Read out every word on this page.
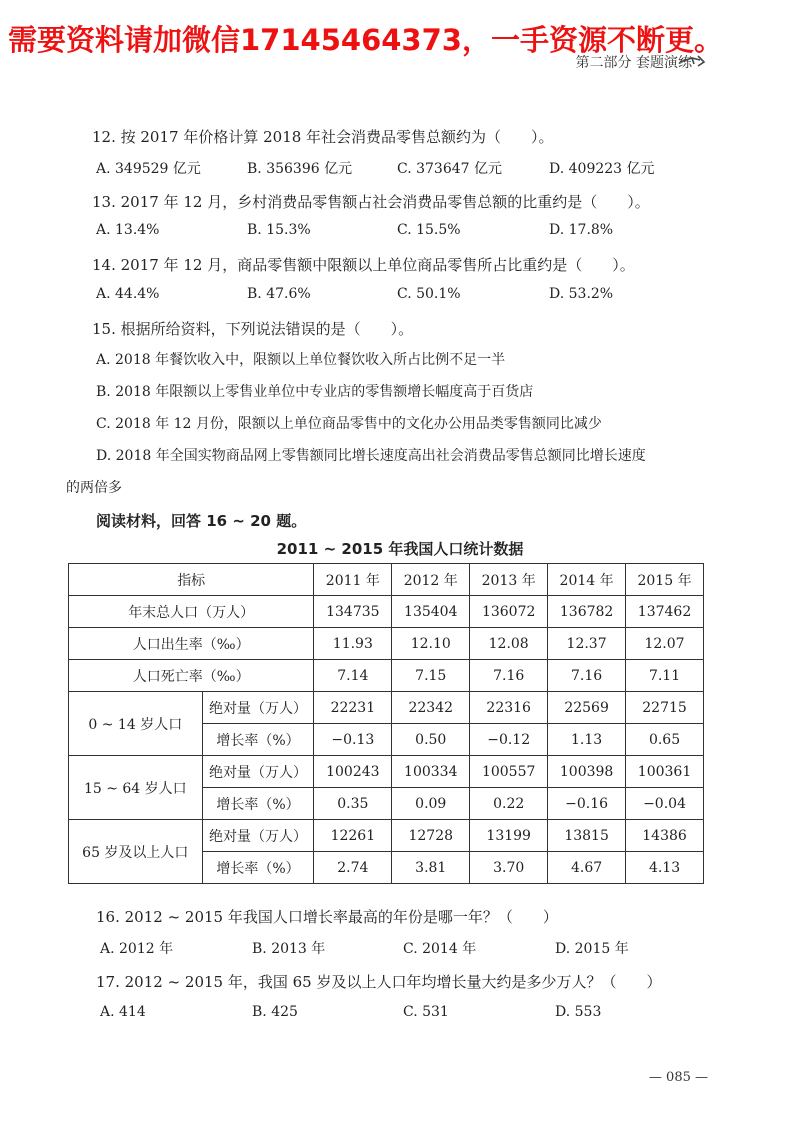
需要资料请加微信17145464373，一手资源不断更。
第二部分 套题演练
12. 按 2017 年价格计算 2018 年社会消费品零售总额约为（　　）。
A. 349529 亿元	B. 356396 亿元	C. 373647 亿元	D. 409223 亿元
13. 2017 年 12 月，乡村消费品零售额占社会消费品零售总额的比重约是（　　）。
A. 13.4%	B. 15.3%	C. 15.5%	D. 17.8%
14. 2017 年 12 月，商品零售额中限额以上单位商品零售所占比重约是（　　）。
A. 44.4%	B. 47.6%	C. 50.1%	D. 53.2%
15. 根据所给资料，下列说法错误的是（　　）。
A. 2018 年餐饮收入中，限额以上单位餐饮收入所占比例不足一半
B. 2018 年限额以上零售业单位中专业店的零售额增长幅度高于百货店
C. 2018 年 12 月份，限额以上单位商品零售中的文化办公用品类零售额同比减少
D. 2018 年全国实物商品网上零售额同比增长速度高出社会消费品零售总额同比增长速度
的两倍多
阅读材料，回答 16 ~ 20 题。
2011 ~ 2015 年我国人口统计数据
指标		2011 年	2012 年	2013 年	2014 年	2015 年
年末总人口（万人）		134735	135404	136072	136782	137462
人口出生率（‰）		11.93	12.10	12.08	12.37	12.07
人口死亡率（‰）		7.14	7.15	7.16	7.16	7.11
0 ~ 14 岁人口	绝对量（万人）	22231	22342	22316	22569	22715
	增长率（%）	−0.13	0.50	−0.12	1.13	0.65
15 ~ 64 岁人口	绝对量（万人）	100243	100334	100557	100398	100361
	增长率（%）	0.35	0.09	0.22	−0.16	−0.04
65 岁及以上人口	绝对量（万人）	12261	12728	13199	13815	14386
	增长率（%）	2.74	3.81	3.70	4.67	4.13
16. 2012 ~ 2015 年我国人口增长率最高的年份是哪一年？（　　）
A. 2012 年	B. 2013 年	C. 2014 年	D. 2015 年
17. 2012 ~ 2015 年，我国 65 岁及以上人口年均增长量大约是多少万人？（　　）
A. 414	B. 425	C. 531	D. 553
— 085 —
